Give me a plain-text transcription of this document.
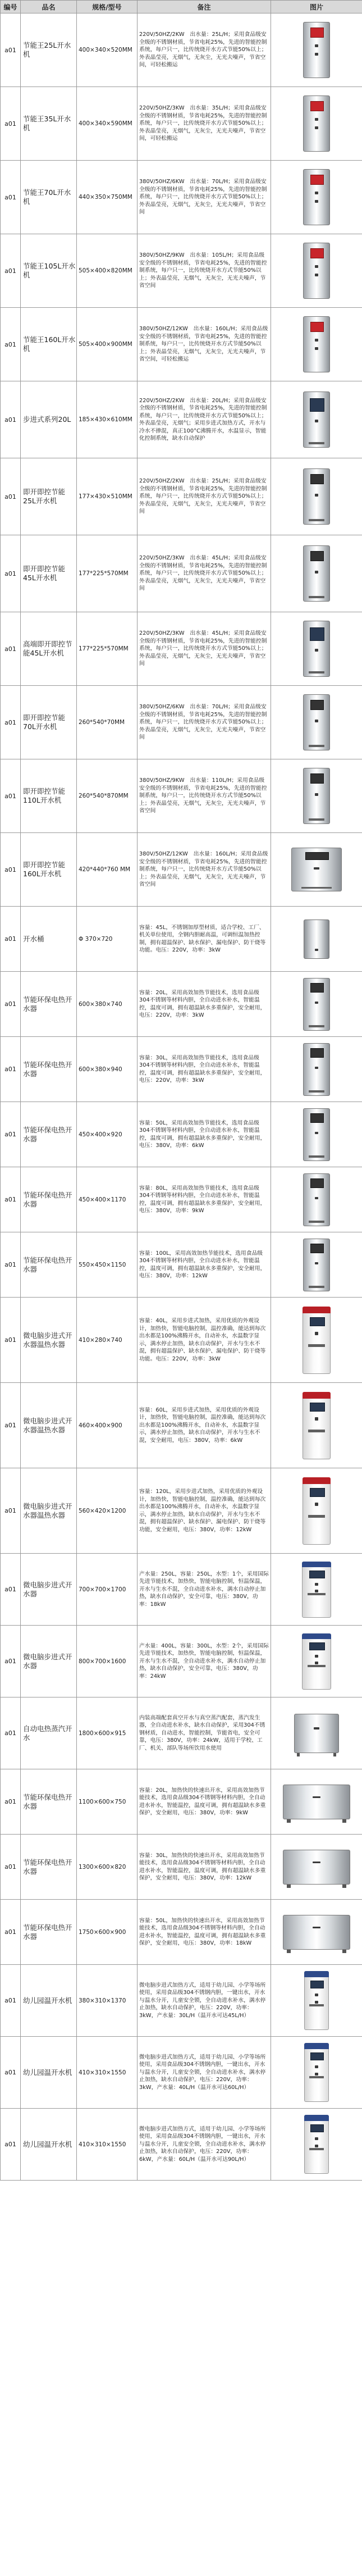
编号	品名	规格/型号	备注	图片
a01	节能王25L开水机	400×340×520MM	220V/50HZ/2KW　出水量：25L/H；采用食品级安全级的不锈钢材质，节省电耗25%，先进的智能控制系统，每户只一，比传统烧开水方式节能50%以上；外表晶莹亮，无烟气，无灰尘，无光夫噪声，节省空间，可轻松搬运	

a01	节能王35L开水机	400×340×590MM	220V/50HZ/3KW　出水量：35L/H；采用食品级安全级的不锈钢材质，节省电耗25%，先进的智能控制系统，每户只一，比传统烧开水方式节能50%以上；外表晶莹亮，无烟气，无灰尘，无光夫噪声，节省空间，可轻松搬运	

a01	节能王70L开水机	440×350×750MM	380V/50HZ/6KW　出水量：70L/H；采用食品级安全级的不锈钢材质，节省电耗25%，先进的智能控制系统，每户只一，比传统烧开水方式节能50%以上；外表晶莹亮，无烟气，无灰尘，无光夫噪声，节省空间	

a01	节能王105L开水机	505×400×820MM	380V/50HZ/9KW　出水量：105L/H；采用食品级安全级的不锈钢材质，节省电耗25%，先进的智能控制系统，每户只一，比传统烧开水方式节能50%以上；外表晶莹亮，无烟气，无灰尘，无光夫噪声，节省空间	

a01	节能王160L开水机	505×400×900MM	380V/50HZ/12KW　出水量：160L/H；采用食品级安全级的不锈钢材质，节省电耗25%，先进的智能控制系统，每户只一，比传统烧开水方式节能50%以上；外表晶莹亮，无烟气，无灰尘，无光夫噪声，节省空间，可轻松搬运	

a01	步进式系列20L	185×430×610MM	220V/50HZ/2KW　出水量：20L/H；采用食品级安全级的不锈钢材质，节省电耗25%，先进的智能控制系统，每户只一，比传统烧开水方式节能50%以上；外表晶莹亮，无烟气；采用步进式加热方式，开水与冷水不掺混，真正100°C沸腾开水，水温显示，智能化控制系统，缺水自动保护	

a01	即开即控节能25L开水机	177×430×510MM	220V/50HZ/2KW　出水量：25L/H；采用食品级安全级的不锈钢材质，节省电耗25%，先进的智能控制系统，每户只一，比传统烧开水方式节能50%以上；外表晶莹亮，无烟气，无灰尘，无光夫噪声，节省空间	

a01	即开即控节能45L开水机	177*225*570MM	220V/50HZ/3KW　出水量：45L/H；采用食品级安全级的不锈钢材质，节省电耗25%，先进的智能控制系统，每户只一，比传统烧开水方式节能50%以上；外表晶莹亮，无烟气，无灰尘，无光夫噪声，节省空间	

a01	高端即开即控节能45L开水机	177*225*570MM	220V/50HZ/3KW　出水量：45L/H；采用食品级安全级的不锈钢材质，节省电耗25%，先进的智能控制系统，每户只一，比传统烧开水方式节能50%以上；外表晶莹亮，无烟气，无灰尘，无光夫噪声，节省空间	

a01	即开即控节能70L开水机	260*540*70MM	380V/50HZ/6KW　出水量：70L/H；采用食品级安全级的不锈钢材质，节省电耗25%，先进的智能控制系统，每户只一，比传统烧开水方式节能50%以上；外表晶莹亮，无烟气，无灰尘，无光夫噪声，节省空间	

a01	即开即控节能110L开水机	260*540*870MM	380V/50HZ/9KW　出水量：110L/H；采用食品级安全级的不锈钢材质，节省电耗25%，先进的智能控制系统，每户只一，比传统烧开水方式节能50%以上；外表晶莹亮，无烟气，无灰尘，无光夫噪声，节省空间	

a01	即开即控节能160L开水机	420*440*760 MM	380V/50HZ/12KW　出水量：160L/H；采用食品级安全级的不锈钢材质，节省电耗25%，先进的智能控制系统，每户只一，比传统烧开水方式节能50%以上；外表晶莹亮，无烟气，无灰尘，无光夫噪声，节省空间	

a01	开水桶	Φ 370×720	容量：45L，不锈钢加厚型材质，适合学校、工厂、机关单位使用，全钢内胆耐高温，可调恒温加热控制，拥有超温保护、缺水保护、漏电保护、防干烧等功能。电压：220V，功率：3kW	

a01	节能环保电热开水器	600×380×740	容量：20L，采用高效加热节能技术，选用食品级304不锈钢等材料内胆，全自动进水补水，智能温控，温度可调，拥有超温缺水多重保护，安全耐用，电压：220V，功率：3kW	

a01	节能环保电热开水器	600×380×940	容量：30L，采用高效加热节能技术，选用食品级304不锈钢等材料内胆，全自动进水补水，智能温控，温度可调，拥有超温缺水多重保护，安全耐用，电压：220V，功率：3kW	

a01	节能环保电热开水器	450×400×920	容量：50L，采用高效加热节能技术，选用食品级304不锈钢等材料内胆，全自动进水补水，智能温控，温度可调，拥有超温缺水多重保护，安全耐用，电压：380V，功率：6kW	

a01	节能环保电热开水器	450×400×1170	容量：80L，采用高效加热节能技术，选用食品级304不锈钢等材料内胆，全自动进水补水，智能温控，温度可调，拥有超温缺水多重保护，安全耐用，电压：380V，功率：9kW	

a01	节能环保电热开水器	550×450×1150	容量：100L，采用高效加热节能技术，选用食品级304不锈钢等材料内胆，全自动进水补水，智能温控，温度可调，拥有超温缺水多重保护，安全耐用，电压：380V，功率：12kW	

a01	微电脑步进式开水器温热水器	410×280×740	容量：40L，采用步进式加热，采用优质的外观设计，加热快，智能电脑控制，温控准确，能达到每次出水都是100%沸腾开水，自动补水，水温数字显示，满水停止加热，缺水自动保护，开水与生水不混，拥有超温保护、缺水保护、漏电保护、防干烧等功能。电压：220V，功率：3kW	

a01	微电脑步进式开水器温热水器	460×400×900	容量：60L，采用步进式加热，采用优质的外观设计，加热快，智能电脑控制，温控准确，能达到每次出水都是100%沸腾开水，自动补水，水温数字显示，满水停止加热，缺水自动保护，开水与生水不混，安全耐用，电压：380V，功率：6kW	

a01	微电脑步进式开水器温热水器	560×420×1200	容量：120L，采用步进式加热，采用优质的外观设计，加热快，智能电脑控制，温控准确，能达到每次出水都是100%沸腾开水，自动补水，水温数字显示，满水停止加热，缺水自动保护，开水与生水不混，拥有超温保护、缺水保护、漏电保护、防干烧等功能，安全耐用，电压：380V，功率：12kW	

a01	微电脑步进式开水器	700×700×1700	产水量：250L，容量：250L，水型：1个，采用国际先进节能技术，加热快，智能电脑控制，恒温保温，开水与生水不混，全自动进水补水，满水自动停止加热，缺水自动保护，安全可靠，电压：380V，功率：18kW	

a01	微电脑步进式开水器	800×700×1600	产水量：400L，容量：300L，水型：2个，采用国际先进节能技术，加热快，智能电脑控制，恒温保温，开水与生水不混，全自动进水补水，满水自动停止加热，缺水自动保护，安全可靠，电压：380V，功率：24kW	

a01	自动电热蒸汽开水	1800×600×915	内装高端配套真空开水与真空蒸汽配套，蒸汽发生器，全自动进水补水，缺水自动保护，采用304不锈钢材质，自动进水，智能控制，节能省电，安全可靠，电压：380V，功率：24kW，适用于学校、工厂、机关、部队等场所饮用水使用	

a01	节能环保电热开水器	1100×600×750	容量：20L，加热快的快速出开水，采用高效加热节能技术，选用食品级304不锈钢等材料内胆，全自动进水补水，智能温控，温度可调，拥有超温缺水多重保护，安全耐用，电压：380V，功率：9kW	

a01	节能环保电热开水器	1300×600×820	容量：30L，加热快的快速出开水，采用高效加热节能技术，选用食品级304不锈钢等材料内胆，全自动进水补水，智能温控，温度可调，拥有超温缺水多重保护，安全耐用，电压：380V，功率：12kW	

a01	节能环保电热开水器	1750×600×900	容量：50L，加热快的快速出开水，采用高效加热节能技术，选用食品级304不锈钢等材料内胆，全自动进水补水，智能温控，温度可调，拥有超温缺水多重保护，安全耐用，电压：380V，功率：18kW	

a01	幼儿园温开水机	380×310×1370	微电脑步进式加热方式，适用于幼儿园、小学等场所使用，采用食品级304不锈钢内胆，一键出水，开水与温水分开，儿童安全锁，全自动进水补水，满水停止加热，缺水自动保护，电压：220V，功率：3kW，产水量：30L/H（温开水可达45L/H）	

a01	幼儿园温开水机	410×310×1550	微电脑步进式加热方式，适用于幼儿园、小学等场所使用，采用食品级304不锈钢内胆，一键出水，开水与温水分开，儿童安全锁，全自动进水补水，满水停止加热，缺水自动保护，电压：220V，功率：3kW，产水量：40L/H（温开水可达60L/H）	

a01	幼儿园温开水机	410×310×1550	微电脑步进式加热方式，适用于幼儿园、小学等场所使用，采用食品级304不锈钢内胆，一键出水，开水与温水分开，儿童安全锁，全自动进水补水，满水停止加热，缺水自动保护，电压：220V，功率：6kW，产水量：60L/H（温开水可达90L/H）	
